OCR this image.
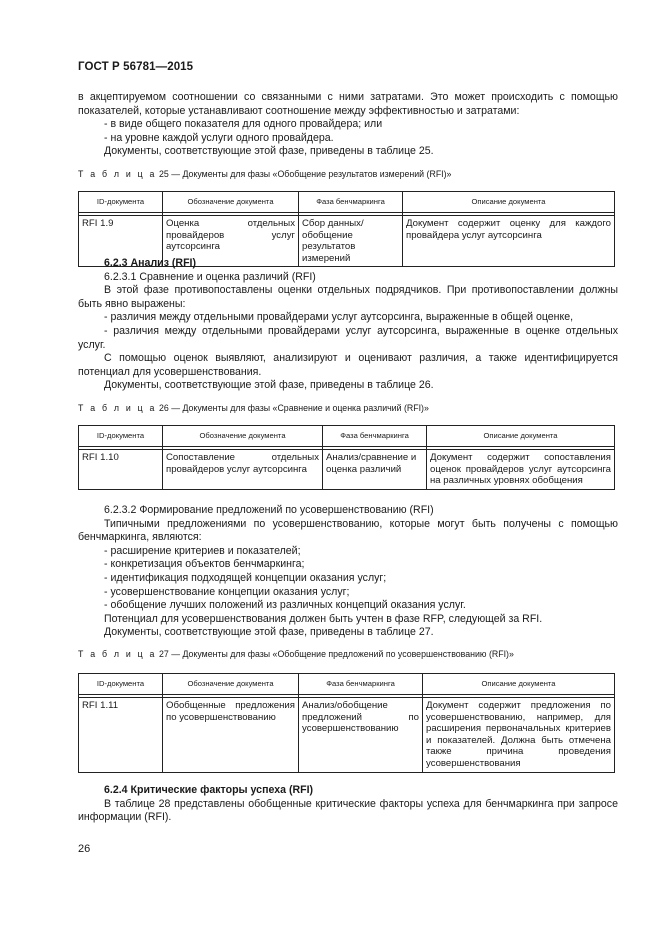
ГОСТ Р 56781—2015

в акцептируемом соотношении со связанными с ними затратами. Это может происходить с помощью показателей, которые устанавливают соотношение между эффективностью и затратами:

- в виде общего показателя для одного провайдера; или

- на уровне каждой услуги одного провайдера.

Документы, соответствующие этой фазе, приведены в таблице 25.

Т а б л и ц а 25 — Документы для фазы «Обобщение результатов измерений (RFI)»

ID-документа	Обозначение документа	Фаза бенчмаркинга	Описание документа

RFI 1.9	Оценка отдельных провайдеров услуг аутсорсинга	Сбор данных/обобщение результатов измерений	Документ содержит оценку для каждого провайдера услуг аутсорсинга

6.2.3 Анализ (RFI)

6.2.3.1 Сравнение и оценка различий (RFI)

В этой фазе противопоставлены оценки отдельных подрядчиков. При противопоставлении должны быть явно выражены:

- различия между отдельными провайдерами услуг аутсорсинга, выраженные в общей оценке,

- различия между отдельными провайдерами услуг аутсорсинга, выраженные в оценке отдельных услуг.

С помощью оценок выявляют, анализируют и оценивают различия, а также идентифицируется потенциал для усовершенствования.

Документы, соответствующие этой фазе, приведены в таблице 26.

Т а б л и ц а 26 — Документы для фазы «Сравнение и оценка различий (RFI)»

ID-документа	Обозначение документа	Фаза бенчмаркинга	Описание документа

RFI 1.10	Сопоставление отдельных провайдеров услуг аутсорсинга	Анализ/сравнение и оценка различий	Документ содержит сопоставления оценок провайдеров услуг аутсорсинга на различных уровнях обобщения

6.2.3.2 Формирование предложений по усовершенствованию (RFI)

Типичными предложениями по усовершенствованию, которые могут быть получены с помощью бенчмаркинга, являются:

- расширение критериев и показателей;

- конкретизация объектов бенчмаркинга;

- идентификация подходящей концепции оказания услуг;

- усовершенствование концепции оказания услуг;

- обобщение лучших положений из различных концепций оказания услуг.

Потенциал для усовершенствования должен быть учтен в фазе RFP, следующей за RFI.

Документы, соответствующие этой фазе, приведены в таблице 27.

Т а б л и ц а 27 — Документы для фазы «Обобщение предложений по усовершенствованию (RFI)»

ID-документа	Обозначение документа	Фаза бенчмаркинга	Описание документа

RFI 1.11	Обобщенные предложения по усовершенствованию	Анализ/обобщение предложений по усовершенствованию	Документ содержит предложения по усовершенствованию, например, для расширения первоначальных критериев и показателей. Должна быть отмечена также причина проведения усовершенствования

6.2.4 Критические факторы успеха (RFI)

В таблице 28 представлены обобщенные критические факторы успеха для бенчмаркинга при запросе информации (RFI).

26
